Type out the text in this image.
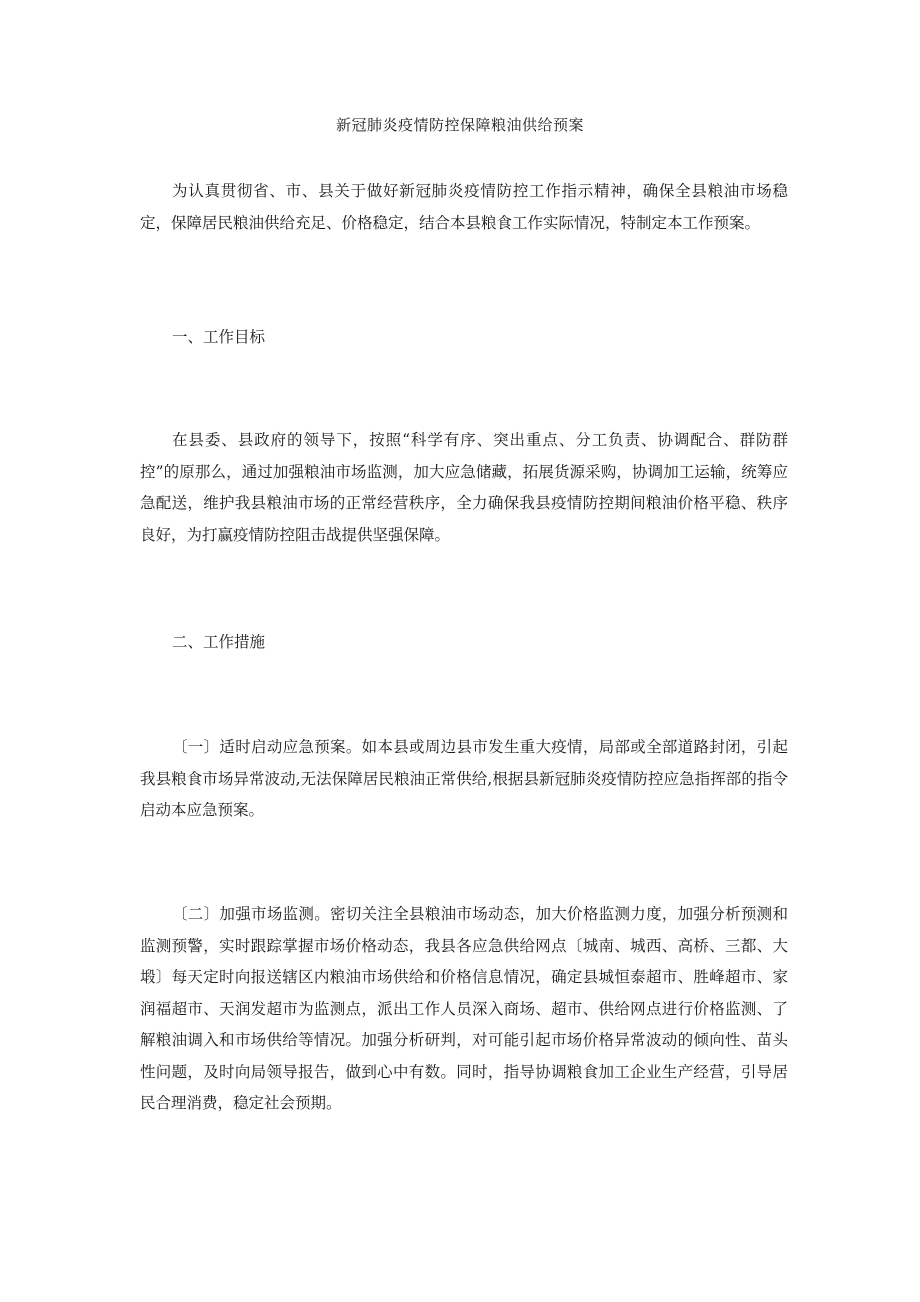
新冠肺炎疫情防控保障粮油供给预案

为认真贯彻省、市、县关于做好新冠肺炎疫情防控工作指示精神，确保全县粮油市场稳定，保障居民粮油供给充足、价格稳定，结合本县粮食工作实际情况，特制定本工作预案。

一、工作目标

在县委、县政府的领导下，按照“科学有序、突出重点、分工负责、协调配合、群防群控”的原那么，通过加强粮油市场监测，加大应急储藏，拓展货源采购，协调加工运输，统筹应急配送，维护我县粮油市场的正常经营秩序，全力确保我县疫情防控期间粮油价格平稳、秩序良好，为打赢疫情防控阻击战提供坚强保障。

二、工作措施

〔一〕适时启动应急预案。如本县或周边县市发生重大疫情，局部或全部道路封闭，引起我县粮食市场异常波动,无法保障居民粮油正常供给,根据县新冠肺炎疫情防控应急指挥部的指令启动本应急预案。

〔二〕加强市场监测。密切关注全县粮油市场动态，加大价格监测力度，加强分析预测和监测预警，实时跟踪掌握市场价格动态，我县各应急供给网点〔城南、城西、高桥、三都、大塅〕每天定时向报送辖区内粮油市场供给和价格信息情况，确定县城恒泰超市、胜峰超市、家润福超市、天润发超市为监测点，派出工作人员深入商场、超市、供给网点进行价格监测、了解粮油调入和市场供给等情况。加强分析研判，对可能引起市场价格异常波动的倾向性、苗头性问题，及时向局领导报告，做到心中有数。同时，指导协调粮食加工企业生产经营，引导居民合理消费，稳定社会预期。
